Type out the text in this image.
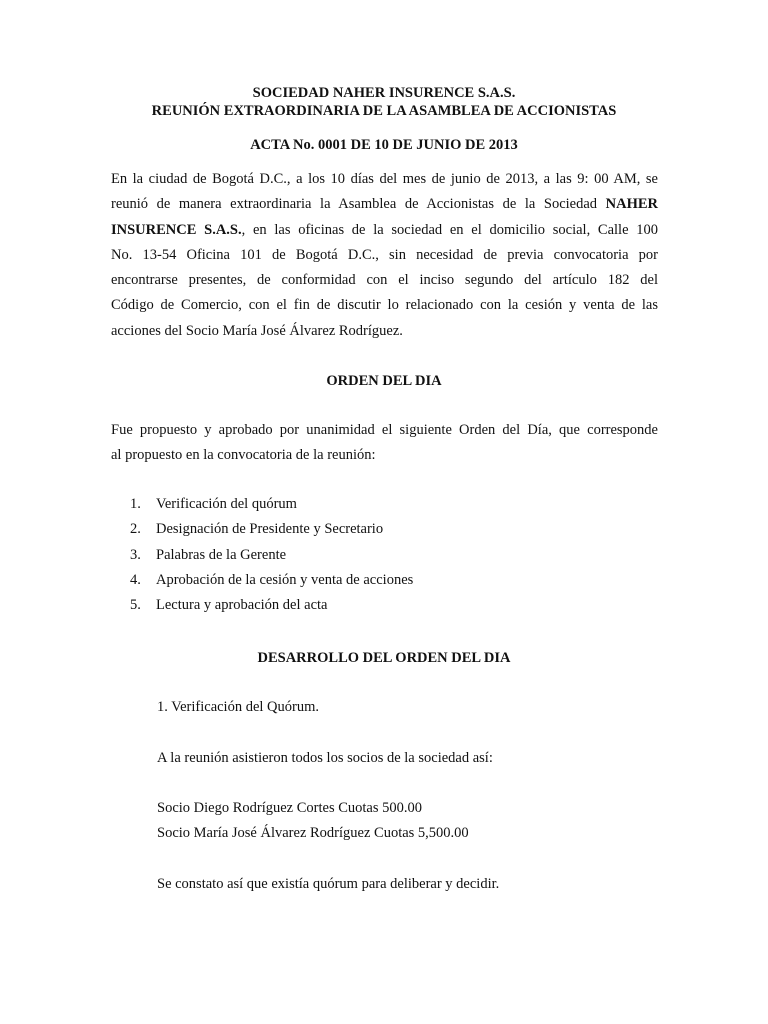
SOCIEDAD NAHER INSURENCE S.A.S.
REUNIÓN EXTRAORDINARIA DE LA ASAMBLEA DE ACCIONISTAS
ACTA No. 0001 DE 10 DE JUNIO DE 2013
En la ciudad de Bogotá D.C., a los 10 días del mes de junio de 2013, a las 9: 00 AM, se
reunió de manera extraordinaria la Asamblea de Accionistas de la Sociedad NAHER
INSURENCE S.A.S., en las oficinas de la sociedad en el domicilio social, Calle 100
No. 13-54 Oficina 101 de Bogotá D.C., sin necesidad de previa convocatoria por
encontrarse presentes, de conformidad con el inciso segundo del artículo 182 del
Código de Comercio, con el fin de discutir lo relacionado con la cesión y venta de las
acciones del Socio María José Álvarez Rodríguez.
ORDEN DEL DIA
Fue propuesto y aprobado por unanimidad el siguiente Orden del Día, que corresponde
al propuesto en la convocatoria de la reunión:
1. Verificación del quórum
2. Designación de Presidente y Secretario
3. Palabras de la Gerente
4. Aprobación de la cesión y venta de acciones
5. Lectura y aprobación del acta
DESARROLLO DEL ORDEN DEL DIA
1. Verificación del Quórum.
A la reunión asistieron todos los socios de la sociedad así:
Socio Diego Rodríguez Cortes Cuotas 500.00
Socio María José Álvarez Rodríguez Cuotas 5,500.00
Se constato así que existía quórum para deliberar y decidir.
